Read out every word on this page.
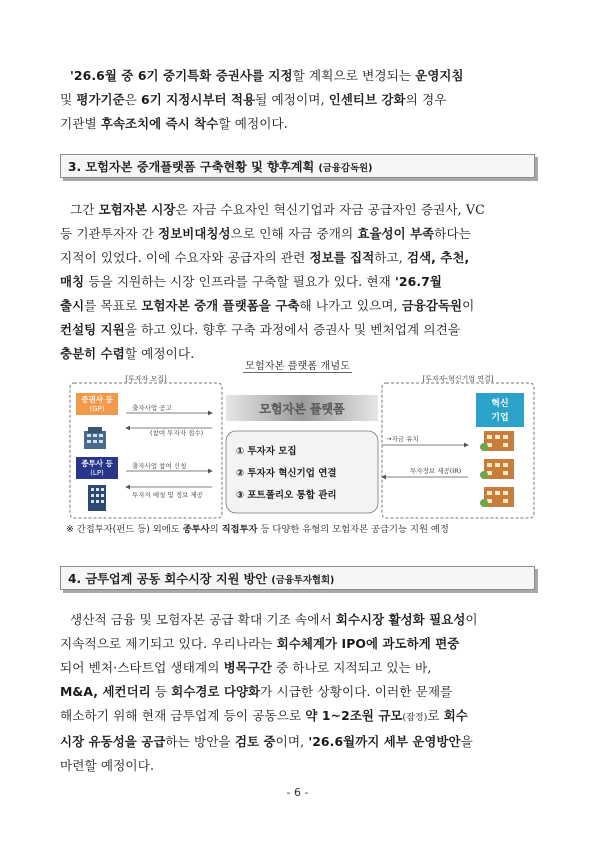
'26.6월 중 6기 중기특화 증권사를 지정할 계획으로 변경되는 운영지침
및 평가기준은 6기 지정시부터 적용될 예정이며, 인센티브 강화의 경우
기관별 후속조치에 즉시 착수할 예정이다.
3. 모험자본 중개플랫폼 구축현황 및 향후계획 (금융감독원)
그간 모험자본 시장은 자금 수요자인 혁신기업과 자금 공급자인 증권사, VC
등 기관투자자 간 정보비대칭성으로 인해 자금 중개의 효율성이 부족하다는
지적이 있었다. 이에 수요자와 공급자의 관련 정보를 집적하고, 검색, 추천,
매칭 등을 지원하는 시장 인프라를 구축할 필요가 있다. 현재 '26.7월
출시를 목표로 모험자본 중개 플랫폼을 구축해 나가고 있으며, 금융감독원이
컨설팅 지원을 하고 있다. 향후 구축 과정에서 증권사 및 벤처업계 의견을
충분히 수렴할 예정이다.
모험자본 플랫폼 개념도
[투자자 모집]	[투자자-혁신기업 연결]
증권사 등
(GP)
종투사 등
(LP)
출자사업 공고
(참여 투자자 접수)
출자사업 참여 신청
투자자 매칭 및 정보 제공
모험자본 플랫폼
① 투자자 모집
② 투자자 혁신기업 연결
③ 포트폴리오 통합 관리
→자금 유치
투자정보 제공(IR)
혁신
기업
※ 간접투자(펀드 등) 외에도 종투사의 직접투자 등 다양한 유형의 모험자본 공급기능 지원 예정
4. 금투업계 공동 회수시장 지원 방안 (금융투자협회)
생산적 금융 및 모험자본 공급 확대 기조 속에서 회수시장 활성화 필요성이
지속적으로 제기되고 있다. 우리나라는 회수체계가 IPO에 과도하게 편중
되어 벤처·스타트업 생태계의 병목구간 중 하나로 지적되고 있는 바,
M&A, 세컨더리 등 회수경로 다양화가 시급한 상황이다. 이러한 문제를
해소하기 위해 현재 금투업계 등이 공동으로 약 1~2조원 규모(잠정)로 회수
시장 유동성을 공급하는 방안을 검토 중이며, '26.6월까지 세부 운영방안을
마련할 예정이다.
- 6 -
